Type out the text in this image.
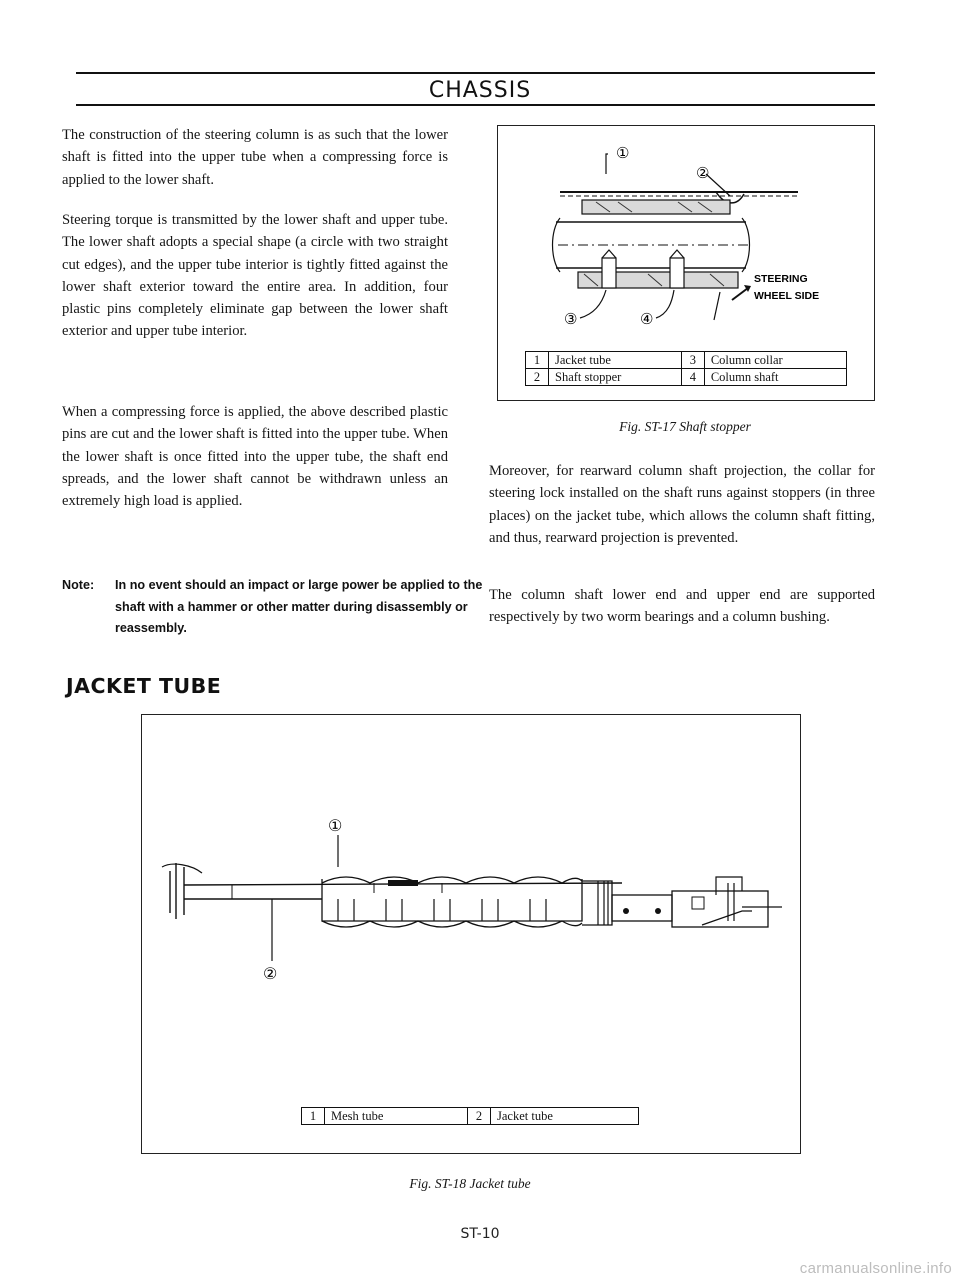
CHASSIS

The construction of the steering column is as such that the lower shaft is fitted into the upper tube when a compressing force is applied to the lower shaft.

Steering torque is transmitted by the lower shaft and upper tube. The lower shaft adopts a special shape (a circle with two straight cut edges), and the upper tube interior is tightly fitted against the lower shaft exterior toward the entire area. In addition, four plastic pins completely eliminate gap between the lower shaft exterior and upper tube interior.

When a compressing force is applied, the above described plastic pins are cut and the lower shaft is fitted into the upper tube. When the lower shaft is once fitted into the upper tube, the shaft end spreads, and the lower shaft cannot be withdrawn unless an extremely high load is applied.

Note: In no event should an impact or large power be applied to the shaft with a hammer or other matter during disassembly or reassembly.
①
②
③	④
STEERING
WHEEL SIDE
1	Jacket tube	3	Column collar
2	Shaft stopper	4	Column shaft
Fig. ST-17 Shaft stopper

Moreover, for rearward column shaft projection, the collar for steering lock installed on the shaft runs against stoppers (in three places) on the jacket tube, which allows the column shaft fitting, and thus, rearward projection is prevented.

The column shaft lower end and upper end are supported respectively by two worm bearings and a column bushing.

JACKET TUBE
①
②
1	Mesh tube	2	Jacket tube
Fig. ST-18 Jacket tube
ST-10
carmanualsonline.info
